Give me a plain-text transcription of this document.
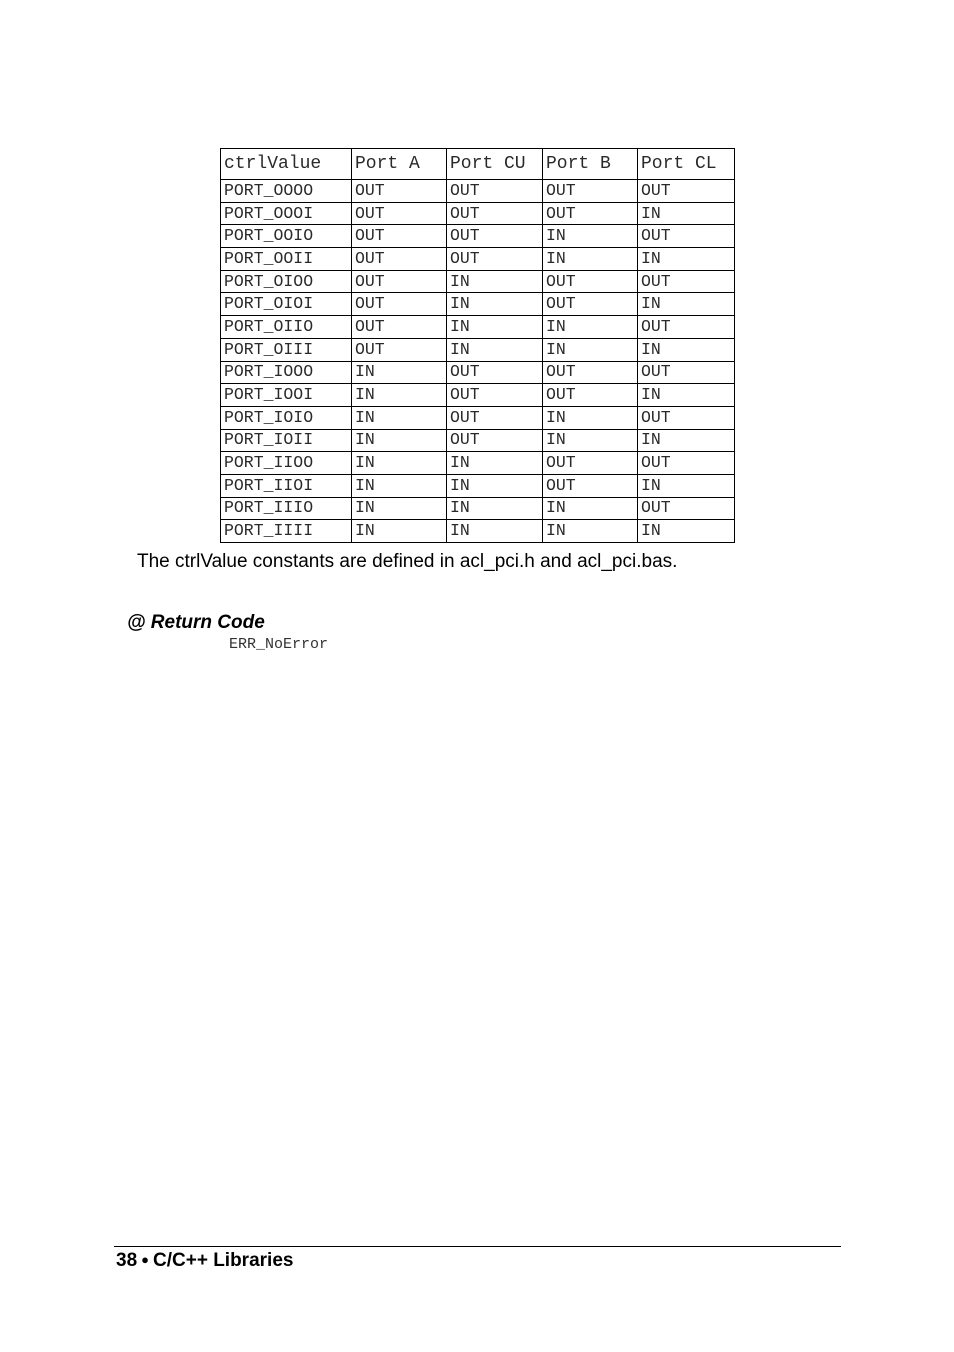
ctrlValue	Port A	Port CU	Port B	Port CL
PORT_OOOO	OUT	OUT	OUT	OUT
PORT_OOOI	OUT	OUT	OUT	IN
PORT_OOIO	OUT	OUT	IN	OUT
PORT_OOII	OUT	OUT	IN	IN
PORT_OIOO	OUT	IN	OUT	OUT
PORT_OIOI	OUT	IN	OUT	IN
PORT_OIIO	OUT	IN	IN	OUT
PORT_OIII	OUT	IN	IN	IN
PORT_IOOO	IN	OUT	OUT	OUT
PORT_IOOI	IN	OUT	OUT	IN
PORT_IOIO	IN	OUT	IN	OUT
PORT_IOII	IN	OUT	IN	IN
PORT_IIOO	IN	IN	OUT	OUT
PORT_IIOI	IN	IN	OUT	IN
PORT_IIIO	IN	IN	IN	OUT
PORT_IIII	IN	IN	IN	IN

The ctrlValue constants are defined in acl_pci.h and acl_pci.bas.

@ Return Code

ERR_NoError

38 ● C/C++ Libraries
